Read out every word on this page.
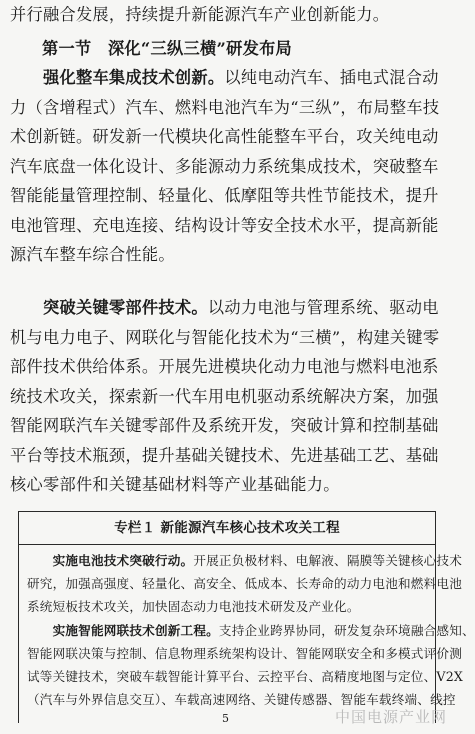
并行融合发展，持续提升新能源汽车产业创新能力。

第一节　深化“三纵三横”研发布局
　　强化整车集成技术创新。以纯电动汽车、插电式混合动
力（含增程式）汽车、燃料电池汽车为“三纵”，布局整车技
术创新链。研发新一代模块化高性能整车平台，攻关纯电动
汽车底盘一体化设计、多能源动力系统集成技术，突破整车
智能能量管理控制、轻量化、低摩阻等共性节能技术，提升
电池管理、充电连接、结构设计等安全技术水平，提高新能
源汽车整车综合性能。
　　突破关键零部件技术。以动力电池与管理系统、驱动电
机与电力电子、网联化与智能化技术为“三横”，构建关键零
部件技术供给体系。开展先进模块化动力电池与燃料电池系
统技术攻关，探索新一代车用电机驱动系统解决方案，加强
智能网联汽车关键零部件及系统开发，突破计算和控制基础
平台等技术瓶颈，提升基础关键技术、先进基础工艺、基础
核心零部件和关键基础材料等产业基础能力。
专栏１ 新能源汽车核心技术攻关工程
　　实施电池技术突破行动。开展正负极材料、电解液、隔膜等关键核心技术
研究，加强高强度、轻量化、高安全、低成本、长寿命的动力电池和燃料电池
系统短板技术攻关，加快固态动力电池技术研发及产业化。
　　实施智能网联技术创新工程。支持企业跨界协同，研发复杂环境融合感知、
智能网联决策与控制、信息物理系统架构设计、智能网联安全和多模式评价测
试等关键技术，突破车载智能计算平台、云控平台、高精度地图与定位、V2X
（汽车与外界信息交互）、车载高速网络、关键传感器、智能车载终端、线控
5	中国电源产业网
